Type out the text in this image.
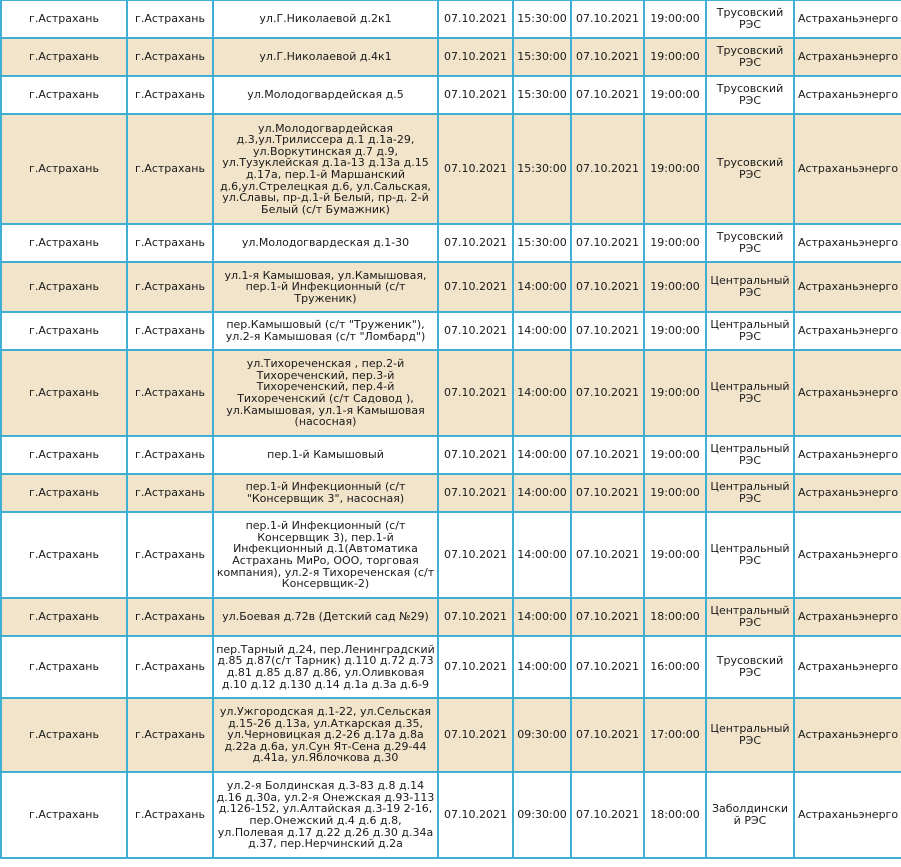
г.Астрахань	г.Астрахань	ул.Г.Николаевой д.2к1	07.10.2021	15:30:00	07.10.2021	19:00:00	Трусовский РЭС	Астраханьэнерго
г.Астрахань	г.Астрахань	ул.Г.Николаевой д.4к1	07.10.2021	15:30:00	07.10.2021	19:00:00	Трусовский РЭС	Астраханьэнерго
г.Астрахань	г.Астрахань	ул.Молодогвардейская д.5	07.10.2021	15:30:00	07.10.2021	19:00:00	Трусовский РЭС	Астраханьэнерго
г.Астрахань	г.Астрахань	ул.Молодогвардейская д.3,ул.Трилиссера д.1 д.1а-29, ул.Воркутинская д.7 д.9, ул.Тузуклейская д.1а-13 д.13а д.15 д.17а, пер.1-й Маршанский д.6,ул.Стрелецкая д.6, ул.Сальская, ул.Славы, пр-д.1-й Белый, пр-д. 2-й Белый (с/т Бумажник)	07.10.2021	15:30:00	07.10.2021	19:00:00	Трусовский РЭС	Астраханьэнерго
г.Астрахань	г.Астрахань	ул.Молодогвардеская д.1-30	07.10.2021	15:30:00	07.10.2021	19:00:00	Трусовский РЭС	Астраханьэнерго
г.Астрахань	г.Астрахань	ул.1-я Камышовая, ул.Камышовая, пер.1-й Инфекционный (с/т Труженик)	07.10.2021	14:00:00	07.10.2021	19:00:00	Центральный РЭС	Астраханьэнерго
г.Астрахань	г.Астрахань	пер.Камышовый (с/т "Труженик"), ул.2-я Камышовая (с/т "Ломбард")	07.10.2021	14:00:00	07.10.2021	19:00:00	Центральный РЭС	Астраханьэнерго
г.Астрахань	г.Астрахань	ул.Тихореченская , пер.2-й Тихореченский, пер.3-й Тихореченский, пер.4-й Тихореченский (с/т Садовод ), ул.Камышовая, ул.1-я Камышовая (насосная)	07.10.2021	14:00:00	07.10.2021	19:00:00	Центральный РЭС	Астраханьэнерго
г.Астрахань	г.Астрахань	пер.1-й Камышовый	07.10.2021	14:00:00	07.10.2021	19:00:00	Центральный РЭС	Астраханьэнерго
г.Астрахань	г.Астрахань	пер.1-й Инфекционный (с/т "Консервщик 3", насосная)	07.10.2021	14:00:00	07.10.2021	19:00:00	Центральный РЭС	Астраханьэнерго
г.Астрахань	г.Астрахань	пер.1-й Инфекционный (с/т Консервщик 3), пер.1-й Инфекционный д.1(Автоматика Астрахань МиРо, ООО, торговая компания), ул.2-я Тихореченская (с/т Консервщик-2)	07.10.2021	14:00:00	07.10.2021	19:00:00	Центральный РЭС	Астраханьэнерго
г.Астрахань	г.Астрахань	ул.Боевая д.72в (Детский сад №29)	07.10.2021	14:00:00	07.10.2021	18:00:00	Центральный РЭС	Астраханьэнерго
г.Астрахань	г.Астрахань	пер.Тарный д.24, пер.Ленинградский д.85 д.87(с/т Тарник) д.110 д.72 д.73 д.81 д.85 д.87 д.86, ул.Оливковая д.10 д.12 д.130 д.14 д.1а д.3а д.6-9	07.10.2021	14:00:00	07.10.2021	16:00:00	Трусовский РЭС	Астраханьэнерго
г.Астрахань	г.Астрахань	ул.Ужгородская д.1-22, ул.Сельская д.15-26 д.13а, ул.Аткарская д.35, ул.Черновицкая д.2-26 д.17а д.8а д.22а д.6а, ул.Сун Ят-Сена д.29-44 д.41а, ул.Яблочкова д.30	07.10.2021	09:30:00	07.10.2021	17:00:00	Центральный РЭС	Астраханьэнерго
г.Астрахань	г.Астрахань	ул.2-я Болдинская д.3-83 д.8 д.14 д.16 д.30а, ул.2-я Онежская д.93-113 д.126-152, ул.Алтайская д.3-19 2-16, пер.Онежский д.4 д.6 д.8, ул.Полевая д.17 д.22 д.26 д.30 д.34а д.37, пер.Нерчинский д.2а	07.10.2021	09:30:00	07.10.2021	18:00:00	Заболдинский РЭС	Астраханьэнерго
